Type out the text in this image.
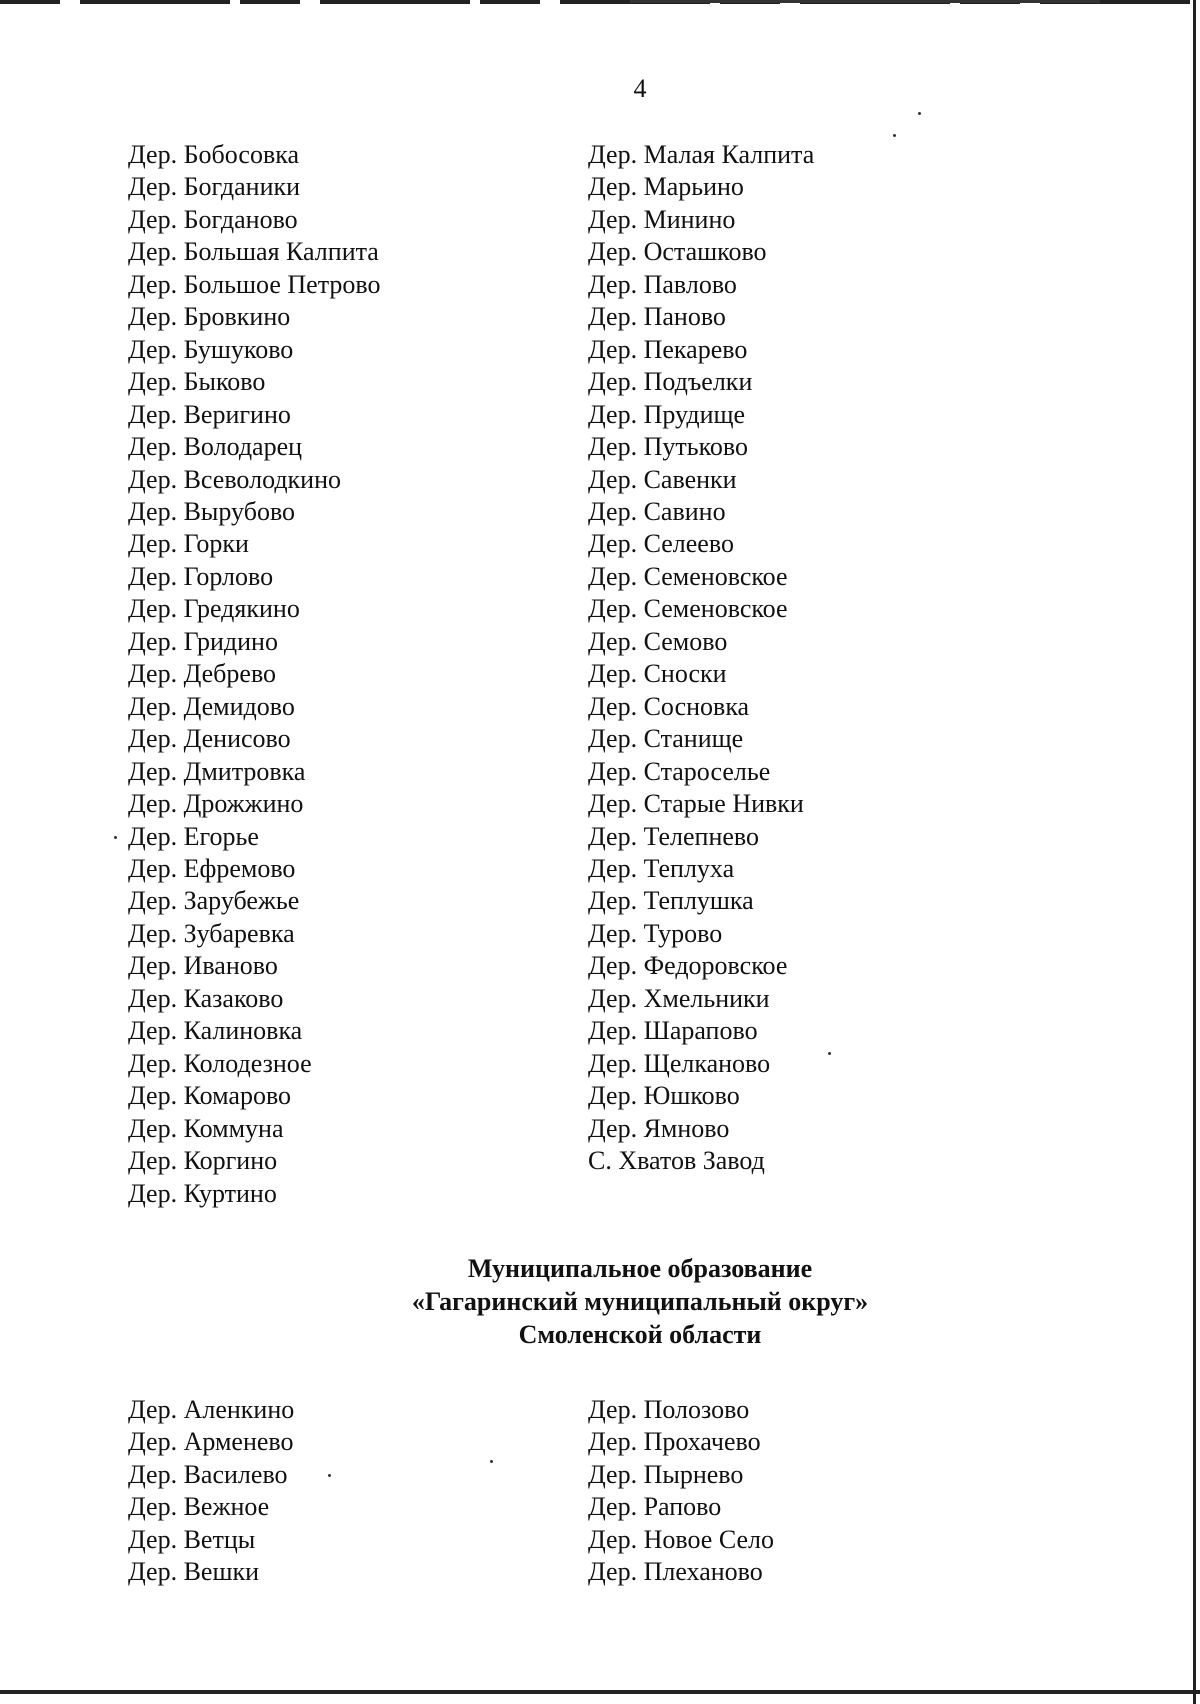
4
Дер. Бобосовка
Дер. Богданики
Дер. Богданово
Дер. Большая Калпита
Дер. Большое Петрово
Дер. Бровкино
Дер. Бушуково
Дер. Быково
Дер. Веригино
Дер. Володарец
Дер. Всеволодкино
Дер. Вырубово
Дер. Горки
Дер. Горлово
Дер. Гредякино
Дер. Гридино
Дер. Дебрево
Дер. Демидово
Дер. Денисово
Дер. Дмитровка
Дер. Дрожжино
Дер. Егорье
Дер. Ефремово
Дер. Зарубежье
Дер. Зубаревка
Дер. Иваново
Дер. Казаково
Дер. Калиновка
Дер. Колодезное
Дер. Комарово
Дер. Коммуна
Дер. Коргино
Дер. Куртино
Дер. Малая Калпита
Дер. Марьино
Дер. Минино
Дер. Осташково
Дер. Павлово
Дер. Паново
Дер. Пекарево
Дер. Подъелки
Дер. Прудище
Дер. Путьково
Дер. Савенки
Дер. Савино
Дер. Селеево
Дер. Семеновское
Дер. Семеновское
Дер. Семово
Дер. Сноски
Дер. Сосновка
Дер. Станище
Дер. Староселье
Дер. Старые Нивки
Дер. Телепнево
Дер. Теплуха
Дер. Теплушка
Дер. Турово
Дер. Федоровское
Дер. Хмельники
Дер. Шарапово
Дер. Щелканово
Дер. Юшково
Дер. Ямново
С. Хватов Завод
Муниципальное образование
«Гагаринский муниципальный округ»
Смоленской области
Дер. Аленкино
Дер. Арменево
Дер. Василево
Дер. Вежное
Дер. Ветцы
Дер. Вешки
Дер. Полозово
Дер. Прохачево
Дер. Пырнево
Дер. Рапово
Дер. Новое Село
Дер. Плеханово
